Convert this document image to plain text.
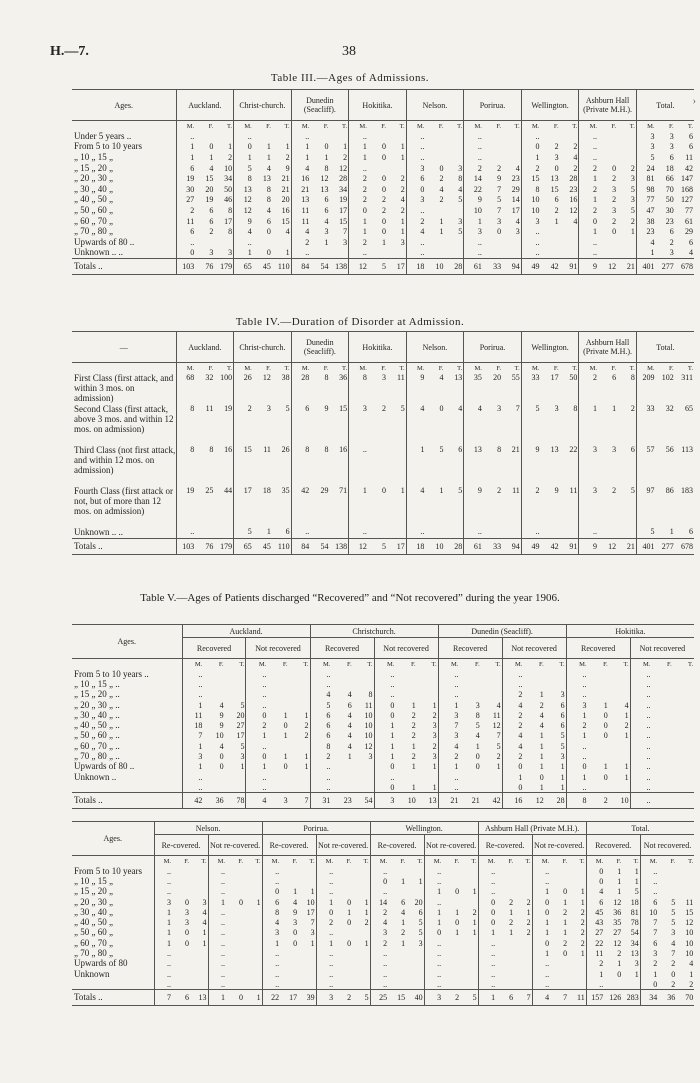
H.—7.	38
Table III.—Ages of Admissions.
Ages.	Auckland.			Christ-church.			Dunedin (Seacliff).			Hokitika.			Nelson.			Porirua.			Wellington.			Ashburn Hall (Private M.H.).			Total.		
	M.	F.	T.	M.	F.	T.	M.	F.	T.	M.	F.	T.	M.	F.	T.	M.	F.	T.	M.	F.	T.	M.	F.	T.	M.	F.	T.
Under 5 years ..	..			..			..			..			..			..			..			..			3	3	6
From 5 to 10 years	1	0	1	0	1	1	1	0	1	1	0	1	..			..			0	2	2	..			3	3	6
„ 10 „ 15 „	1	1	2	1	1	2	1	1	2	1	0	1	..			..			1	3	4	..			5	6	11
„ 15 „ 20 „	6	4	10	5	4	9	4	8	12	..			3	0	3	2	2	4	2	0	2	2	0	2	24	18	42
„ 20 „ 30 „	19	15	34	8	13	21	16	12	28	2	0	2	6	2	8	14	9	23	15	13	28	1	2	3	81	66	147
„ 30 „ 40 „	30	20	50	13	8	21	21	13	34	2	0	2	0	4	4	22	7	29	8	15	23	2	3	5	98	70	168
„ 40 „ 50 „	27	19	46	12	8	20	13	6	19	2	2	4	3	2	5	9	5	14	10	6	16	1	2	3	77	50	127
„ 50 „ 60 „	2	6	8	12	4	16	11	6	17	0	2	2	..			10	7	17	10	2	12	2	3	5	47	30	77
„ 60 „ 70 „	11	6	17	9	6	15	11	4	15	1	0	1	2	1	3	1	3	4	3	1	4	0	2	2	38	23	61
„ 70 „ 80 „	6	2	8	4	0	4	4	3	7	1	0	1	4	1	5	3	0	3	..			1	0	1	23	6	29
Upwards of 80 ..	..			..			2	1	3	2	1	3	..			..			..			..			4	2	6
Unknown .. ..	0	3	3	1	0	1	..			..			..			..			..			..			1	3	4
Totals ..	103	76	179	65	45	110	84	54	138	12	5	17	18	10	28	61	33	94	49	42	91	9	12	21	401	277	678
Table IV.—Duration of Disorder at Admission.
—	Auckland.			Christ-church.			Dunedin (Seacliff).			Hokitika.			Nelson.			Porirua.			Wellington.			Ashburn Hall (Private M.H.).			Total.		
	M.	F.	T.	M.	F.	T.	M.	F.	T.	M.	F.	T.	M.	F.	T.	M.	F.	T.	M.	F.	T.	M.	F.	T.	M.	F.	T.
First Class (first attack, and within 3 mos. on admission)	68	32	100	26	12	38	28	8	36	8	3	11	9	4	13	35	20	55	33	17	50	2	6	8	209	102	311
Second Class (first attack, above 3 mos. and within 12 mos. on admission)	8	11	19	2	3	5	6	9	15	3	2	5	4	0	4	4	3	7	5	3	8	1	1	2	33	32	65
Third Class (not first attack, and within 12 mos. on admission)	8	8	16	15	11	26	8	8	16	..			1	5	6	13	8	21	9	13	22	3	3	6	57	56	113
Fourth Class (first attack or not, but of more than 12 mos. on admission)	19	25	44	17	18	35	42	29	71	1	0	1	4	1	5	9	2	11	2	9	11	3	2	5	97	86	183
Unknown .. ..	..			5	1	6	..			..			..			..			..			..			5	1	6
Totals ..	103	76	179	65	45	110	84	54	138	12	5	17	18	10	28	61	33	94	49	42	91	9	12	21	401	277	678
Table V.—Ages of Patients discharged “Recovered” and “Not recovered” during the year 1906.
Ages.	Auckland.						Christchurch.						Dunedin (Seacliff).						Hokitika.					
	Recovered			Not recovered			Recovered			Not recovered			Recovered			Not recovered			Recovered			Not recovered		
	M.	F.	T.	M.	F.	T.	M.	F.	T.	M.	F.	T.	M.	F.	T.	M.	F.	T.	M.	F.	T.	M.	F.	T.
From 5 to 10 years ..	..			..			..			..			..			..			..			..		
„ 10 „ 15 „ ..	..			..			..			..			..			..			..			..		
„ 15 „ 20 „ ..	..			..			4	4	8	..			..			2	1	3	..			..		
„ 20 „ 30 „ ..	1	4	5	..			5	6	11	0	1	1	1	3	4	4	2	6	3	1	4	..		
„ 30 „ 40 „ ..	11	9	20	0	1	1	6	4	10	0	2	2	3	8	11	2	4	6	1	0	1	..		
„ 40 „ 50 „ ..	18	9	27	2	0	2	6	4	10	1	2	3	7	5	12	2	4	6	2	0	2	..		
„ 50 „ 60 „ ..	7	10	17	1	1	2	6	4	10	1	2	3	3	4	7	4	1	5	1	0	1	..		
„ 60 „ 70 „ ..	1	4	5	..			8	4	12	1	1	2	4	1	5	4	1	5	..			..		
„ 70 „ 80 „ ..	3	0	3	0	1	1	2	1	3	1	2	3	2	0	2	2	1	3	..			..		
Upwards of 80 ..	1	0	1	1	0	1	..			0	1	1	1	0	1	0	1	1	0	1	1	..		
Unknown ..	..			..			..			..			..			1	0	1	1	0	1	..		
	..			..			..			0	1	1	..			0	1	1	..			..		
Totals ..	42	36	78	4	3	7	31	23	54	3	10	13	21	21	42	16	12	28	8	2	10	..		
Ages.	Nelson.						Porirua.						Wellington.						Ashburn Hall (Private M.H.).						Total.					
	Re-covered.			Not re-covered.			Re-covered.			Not re-covered.			Re-covered.			Not re-covered.			Re-covered.			Not re-covered.			Recovered.			Not recovered.		
	M.	F.	T.	M.	F.	T.	M.	F.	T.	M.	F.	T.	M.	F.	T.	M.	F.	T.	M.	F.	T.	M.	F.	T.	M.	F.	T.	M.	F.	T.
From 5 to 10 years	..			..			..			..			..			..			..			..			0	1	1	..		
„ 10 „ 15 „	..			..			..			..			0	1	1	..			..			..			0	1	1	..		
„ 15 „ 20 „	..			..			0	1	1	..			..			1	0	1	..			1	0	1	4	1	5	..		
„ 20 „ 30 „	3	0	3	1	0	1	6	4	10	1	0	1	14	6	20	..			0	2	2	0	1	1	6	12	18	6	5	11
„ 30 „ 40 „	1	3	4	..			8	9	17	0	1	1	2	4	6	1	1	2	0	1	1	0	2	2	45	36	81	10	5	15
„ 40 „ 50 „	1	3	4	..			4	3	7	2	0	2	4	1	5	1	0	1	0	2	2	1	1	2	43	35	78	7	5	12
„ 50 „ 60 „	1	0	1	..			3	0	3	..			3	2	5	0	1	1	1	1	2	1	1	2	27	27	54	7	3	10
„ 60 „ 70 „	1	0	1	..			1	0	1	1	0	1	2	1	3	..			..			0	2	2	22	12	34	6	4	10
„ 70 „ 80 „	..			..			..			..			..			..			..			1	0	1	11	2	13	3	7	10
Upwards of 80	..			..			..			..			..			..			..			..			2	1	3	2	2	4
Unknown	..			..			..			..			..			..			..			..			1	0	1	1	0	1
	..			..			..			..			..			..			..			..			..			0	2	2
Totals ..	7	6	13	1	0	1	22	17	39	3	2	5	25	15	40	3	2	5	1	6	7	4	7	11	157	126	283	34	36	70
›
